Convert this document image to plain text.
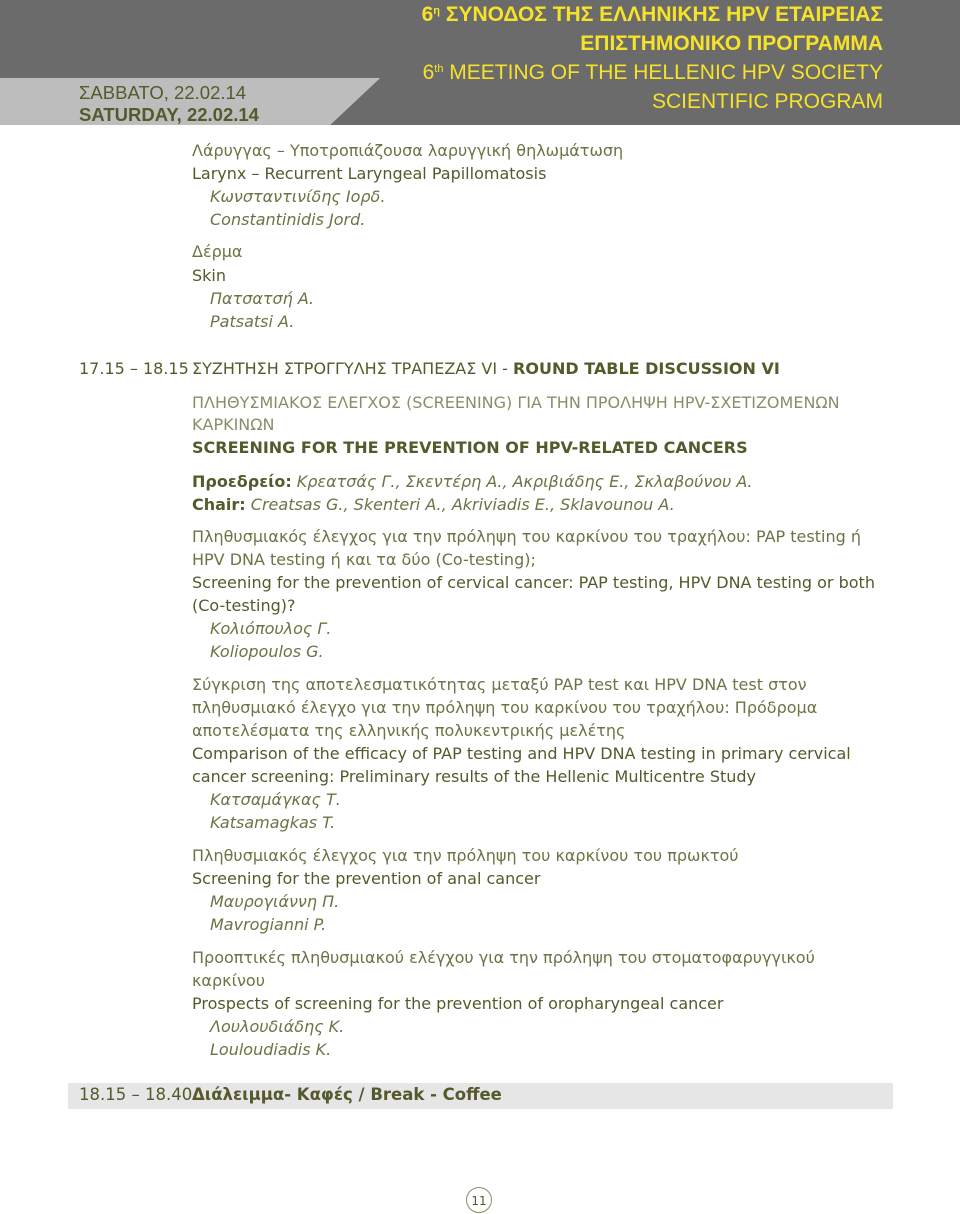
ΣΑΒΒΑΤΟ, 22.02.14
SATURDAY, 22.02.14
$6^\eta$ ΣΥΝΟΔΟΣ ΤΗΣ ΕΛΛΗΝΙΚΗΣ HPV ΕΤΑΙΡΕΙΑΣ
ΕΠΙΣΤΗΜΟΝΙΚΟ ΠΡΟΓΡΑΜΜΑ
6th MEETING OF THE HELLENIC HPV SOCIETY
SCIENTIFIC PROGRAM
Λάρυγγας – Υποτροπιάζουσα λαρυγγική θηλωμάτωση
Larynx – Recurrent Laryngeal Papillomatosis
Κωνσταντινίδης Ιορδ.
Constantinidis Jord.
Δέρμα
Skin
Πατσατσή Α.
Patsatsi A.
17.15 – 18.15 ΣΥΖΗΤΗΣΗ ΣΤΡΟΓΓΥΛΗΣ ΤΡΑΠΕΖΑΣ VI - ROUND TABLE DISCUSSION VI
ΠΛΗΘΥΣΜΙΑΚΟΣ ΕΛΕΓΧΟΣ (SCREENING) ΓΙΑ ΤΗΝ ΠΡΟΛΗΨΗ HPV-ΣΧΕΤΙΖΟΜΕΝΩΝ
ΚΑΡΚΙΝΩΝ
SCREENING FOR THE PREVENTION OF HPV-RELATED CANCERS
Προεδρείο: Κρεατσάς Γ., Σκεντέρη Α., Ακριβιάδης Ε., Σκλαβούνου Α.
Chair: Creatsas G., Skenteri A., Akriviadis E., Sklavounou A.
Πληθυσμιακός έλεγχος για την πρόληψη του καρκίνου του τραχήλου: PAP testing ή
HPV DNA testing ή και τα δύο (Co-testing);
Screening for the prevention of cervical cancer: PAP testing, HPV DNA testing or both
(Co-testing)?
Κολιόπουλος Γ.
Koliopoulos G.
Σύγκριση της αποτελεσματικότητας μεταξύ PAP test και HPV DNA test στον
πληθυσμιακό έλεγχο για την πρόληψη του καρκίνου του τραχήλου: Πρόδρομα
αποτελέσματα της ελληνικής πολυκεντρικής μελέτης
Comparison of the efficacy of PAP testing and HPV DNA testing in primary cervical
cancer screening: Preliminary results of the Hellenic Multicentre Study
Κατσαμάγκας Τ.
Katsamagkas T.
Πληθυσμιακός έλεγχος για την πρόληψη του καρκίνου του πρωκτού
Screening for the prevention of anal cancer
Μαυρογιάννη Π.
Mavrogianni P.
Προοπτικές πληθυσμιακού ελέγχου για την πρόληψη του στοματοφαρυγγικού
καρκίνου
Prospects of screening for the prevention of oropharyngeal cancer
Λουλουδιάδης Κ.
Louloudiadis K.
18.15 – 18.40 Διάλειμμα- Καφές / Break - Coffee
11
